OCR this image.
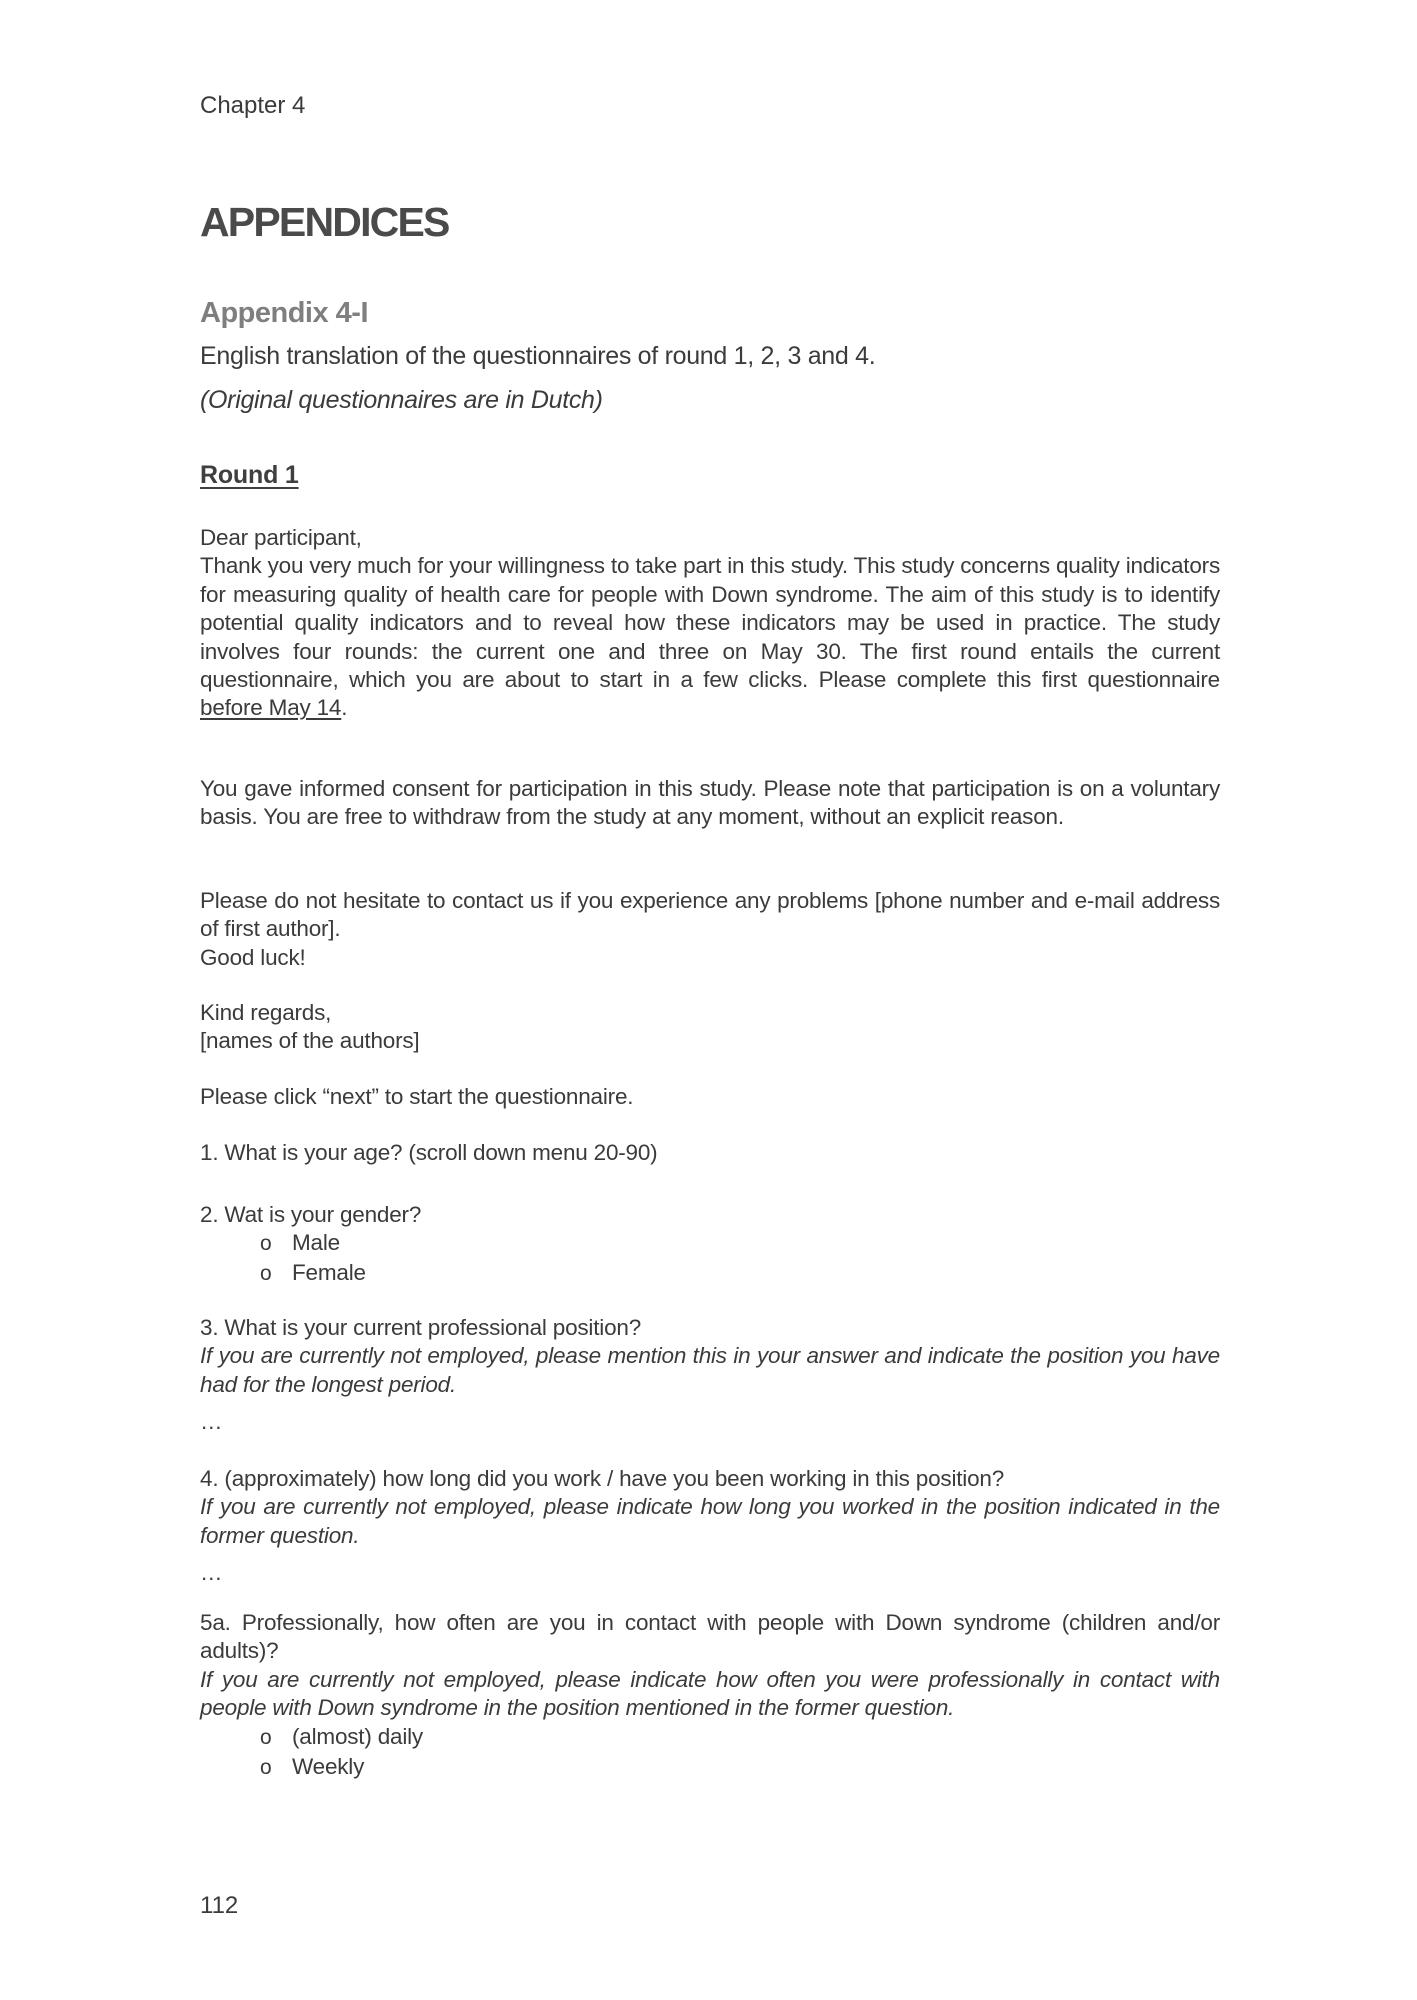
Chapter 4
APPENDICES
Appendix 4-I
English translation of the questionnaires of round 1, 2, 3 and 4.
(Original questionnaires are in Dutch)
Round 1
Dear participant,
Thank you very much for your willingness to take part in this study. This study concerns quality indicators for measuring quality of health care for people with Down syndrome. The aim of this study is to identify potential quality indicators and to reveal how these indicators may be used in practice. The study involves four rounds: the current one and three on May 30. The first round entails the current questionnaire, which you are about to start in a few clicks. Please complete this first questionnaire before May 14.
You gave informed consent for participation in this study. Please note that participation is on a voluntary basis. You are free to withdraw from the study at any moment, without an explicit reason.
Please do not hesitate to contact us if you experience any problems [phone number and e-mail address of first author].
Good luck!
Kind regards,
[names of the authors]
Please click “next” to start the questionnaire.
1. What is your age? (scroll down menu 20-90)
2. Wat is your gender?
o Male
o Female
3. What is your current professional position?
If you are currently not employed, please mention this in your answer and indicate the position you have had for the longest period.
…
4. (approximately) how long did you work / have you been working in this position?
If you are currently not employed, please indicate how long you worked in the position indicated in the former question.
…
5a. Professionally, how often are you in contact with people with Down syndrome (children and/or adults)?
If you are currently not employed, please indicate how often you were professionally in contact with people with Down syndrome in the position mentioned in the former question.
o (almost) daily
o Weekly
112
